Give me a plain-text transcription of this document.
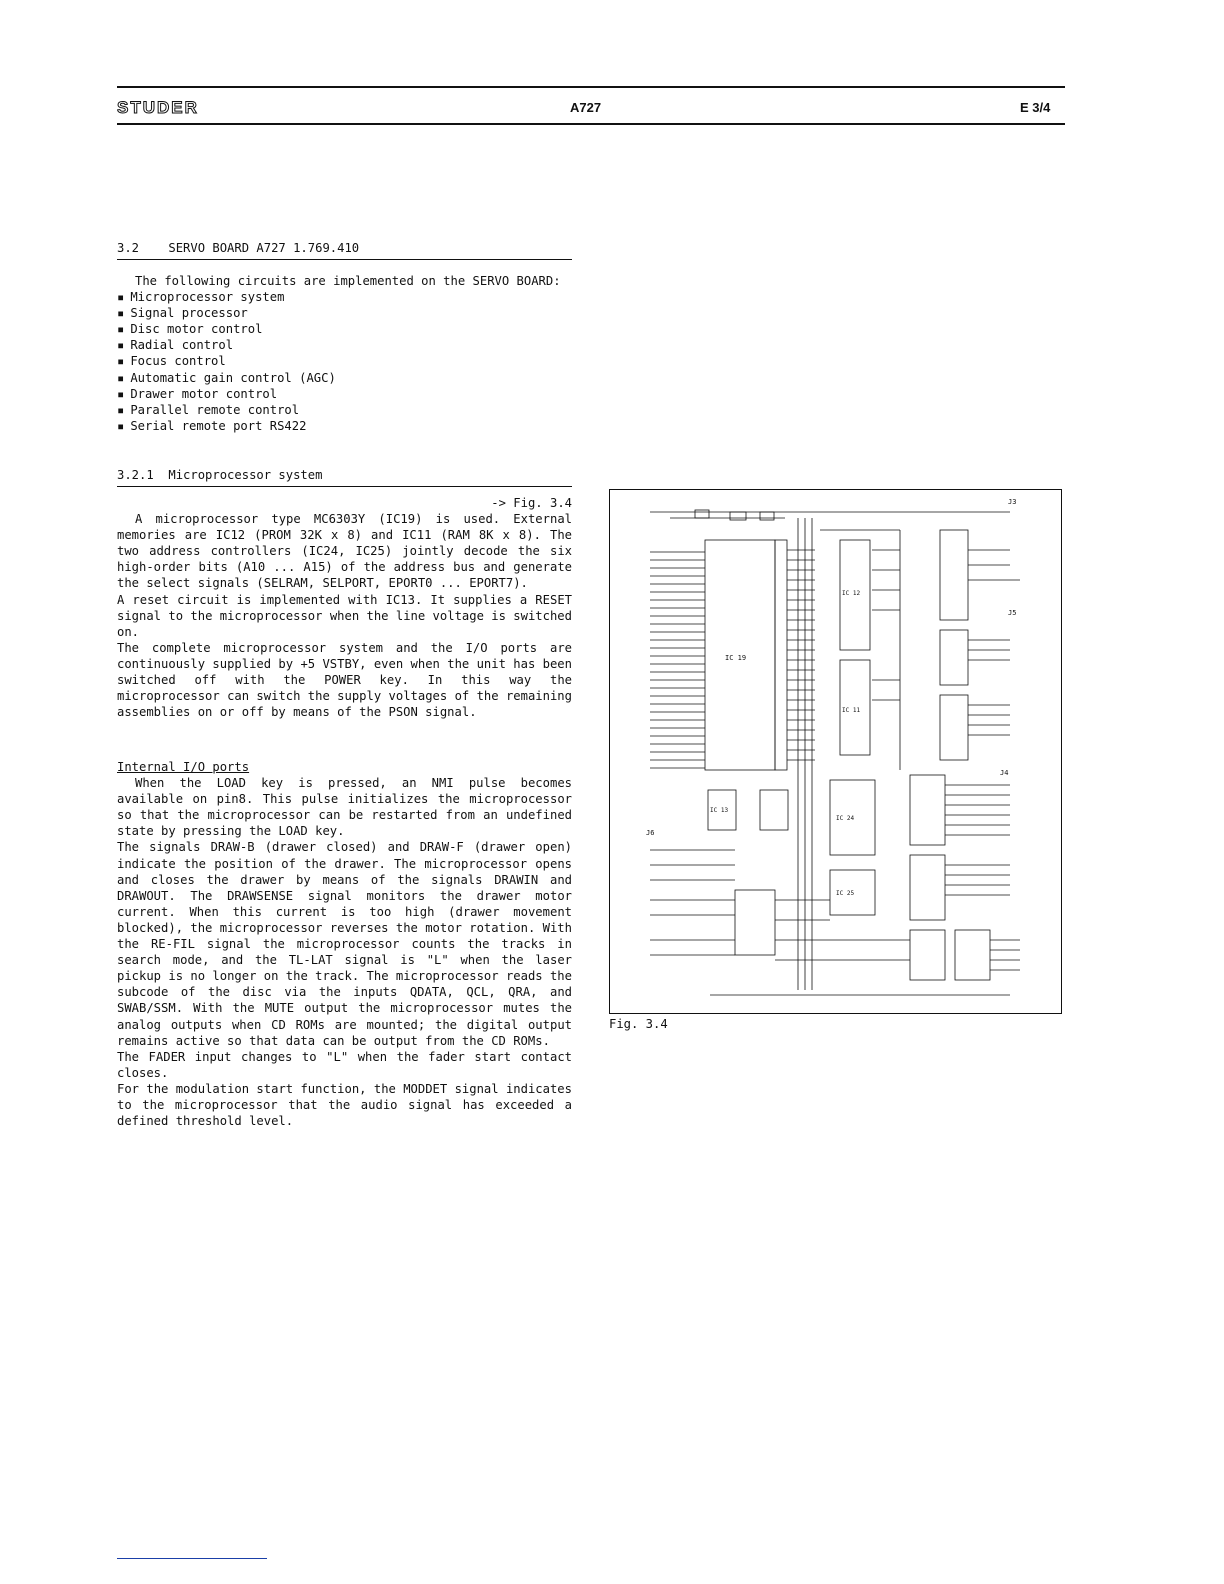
STUDER	A727	E 3/4
3.2    SERVO BOARD A727 1.769.410

The following circuits are implemented on the SERVO BOARD:

▪ Microprocessor system
▪ Signal processor
▪ Disc motor control
▪ Radial control
▪ Focus control
▪ Automatic gain control (AGC)
▪ Drawer motor control
▪ Parallel remote control
▪ Serial remote port RS422
3.2.1  Microprocessor system

-> Fig. 3.4

A microprocessor type MC6303Y (IC19) is used. External memories are IC12 (PROM 32K x 8) and IC11 (RAM 8K x 8). The two address controllers (IC24, IC25) jointly decode the six high-order bits (A10 ... A15) of the address bus and generate the select signals (SELRAM, SELPORT, EPORT0 ... EPORT7).

A reset circuit is implemented with IC13. It supplies a RESET signal to the microprocessor when the line voltage is switched on.

The complete microprocessor system and the I/O ports are continuously supplied by +5 VSTBY, even when the unit has been switched off with the POWER key. In this way the microprocessor can switch the supply voltages of the remaining assemblies on or off by means of the PSON signal.

Internal I/O ports

When the LOAD key is pressed, an NMI pulse becomes available on pin8. This pulse initializes the microprocessor so that the microprocessor can be restarted from an undefined state by pressing the LOAD key.

The signals DRAW-B (drawer closed) and DRAW-F (drawer open) indicate the position of the drawer. The microprocessor opens and closes the drawer by means of the signals DRAWIN and DRAWOUT. The DRAWSENSE signal monitors the drawer motor current. When this current is too high (drawer movement blocked), the microprocessor reverses the motor rotation. With the RE-FIL signal the microprocessor counts the tracks in search mode, and the TL-LAT signal is "L" when the laser pickup is no longer on the track. The microprocessor reads the subcode of the disc via the inputs QDATA, QCL, QRA, and SWAB/SSM. With the MUTE output the microprocessor mutes the analog outputs when CD ROMs are mounted; the digital output remains active so that data can be output from the CD ROMs.

The FADER input changes to "L" when the fader start contact closes.

For the modulation start function, the MODDET signal indicates to the microprocessor that the audio signal has exceeded a defined threshold level.

IC 19
IC 12
IC 11
J3
J5
IC 24
IC 25
IC 13
J4
J6
Fig. 3.4
